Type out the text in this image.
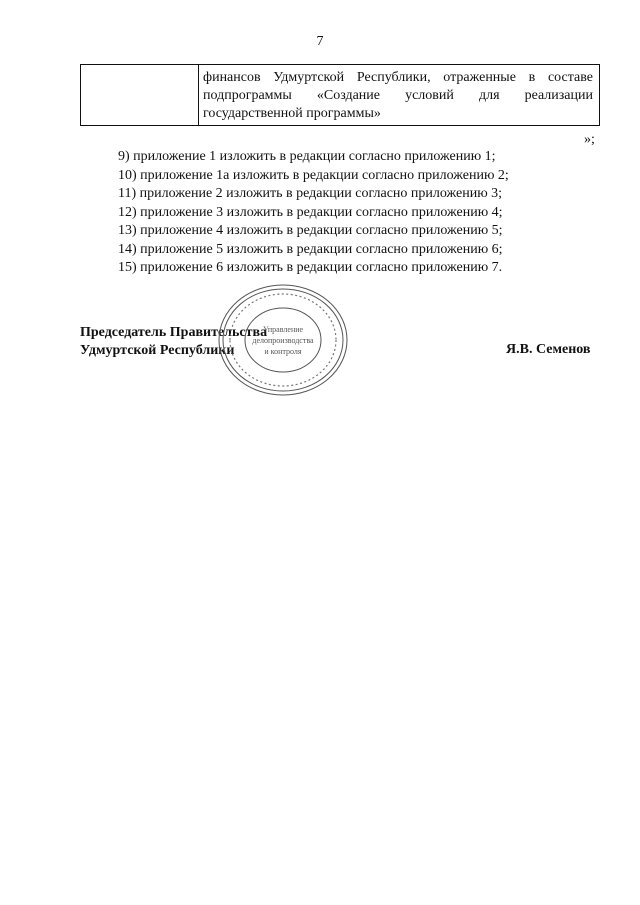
7
финансов Удмуртской Республики, отраженные в составе
подпрограммы «Создание условий для реализации
государственной программы»
»;
9) приложение 1 изложить в редакции согласно приложению 1;
10) приложение 1а изложить в редакции согласно приложению 2;
11) приложение 2 изложить в редакции согласно приложению 3;
12) приложение 3 изложить в редакции согласно приложению 4;
13) приложение 4 изложить в редакции согласно приложению 5;
14) приложение 5 изложить в редакции согласно приложению 6;
15) приложение 6 изложить в редакции согласно приложению 7.
Председатель Правительства
Удмуртской Республики	Я.В. Семенов
Управление
делопроизводства
и контроля
